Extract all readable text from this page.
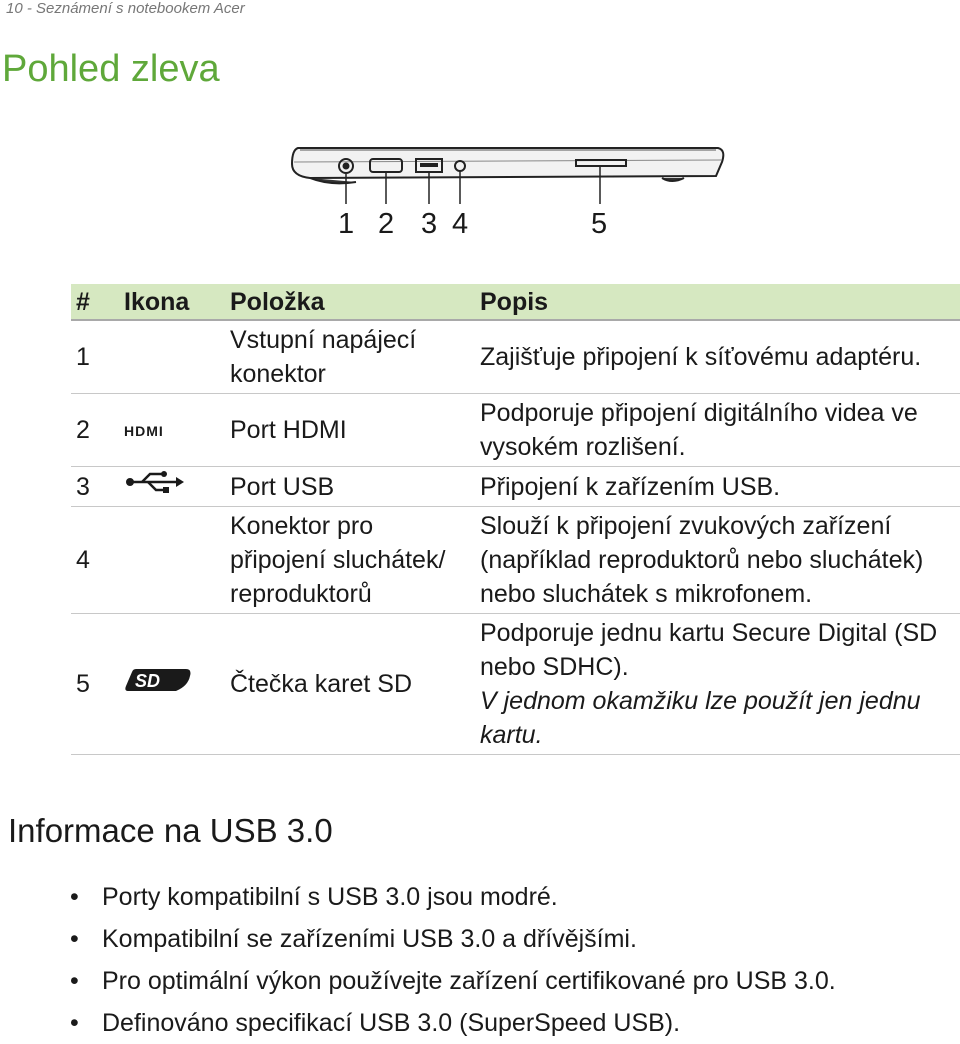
10 - Seznámení s notebookem Acer
Pohled zleva
1 2 3 4	5
#	Ikona	Položka	Popis
1		Vstupní napájecí konektor	Zajišťuje připojení k síťovému adaptéru.
2	HDMI	Port HDMI	Podporuje připojení digitálního videa ve vysokém rozlišení.
3		Port USB	Připojení k zařízením USB.
4		Konektor pro připojení sluchátek/ reproduktorů	Slouží k připojení zvukových zařízení (například reproduktorů nebo sluchátek) nebo sluchátek s mikrofonem.
5	SD	Čtečka karet SD	Podporuje jednu kartu Secure Digital (SD nebo SDHC).
V jednom okamžiku lze použít jen jednu kartu.
Informace na USB 3.0
• Porty kompatibilní s USB 3.0 jsou modré.
• Kompatibilní se zařízeními USB 3.0 a dřívějšími.
• Pro optimální výkon používejte zařízení certifikované pro USB 3.0.
• Definováno specifikací USB 3.0 (SuperSpeed USB).
